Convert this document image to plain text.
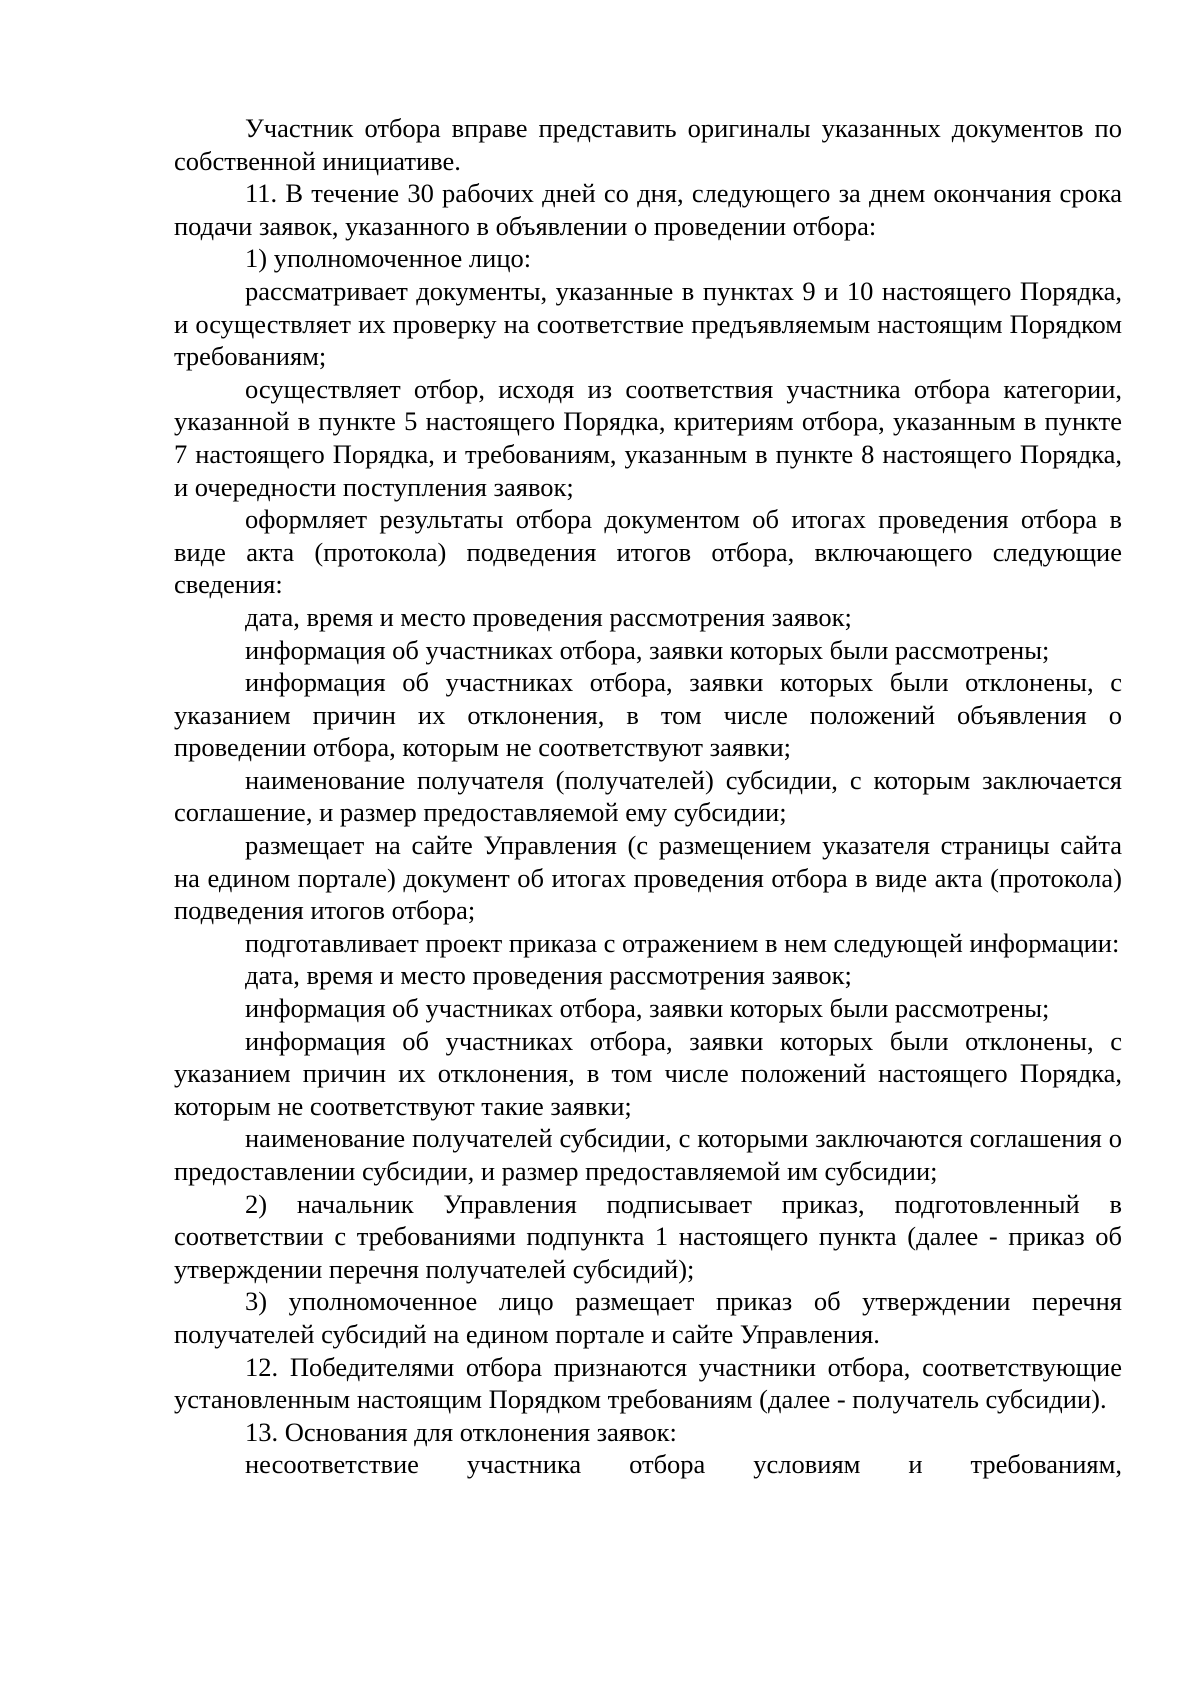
Участник отбора вправе представить оригиналы указанных документов по собственной инициативе.

11. В течение 30 рабочих дней со дня, следующего за днем окончания срока подачи заявок, указанного в объявлении о проведении отбора:

1) уполномоченное лицо:

рассматривает документы, указанные в пунктах 9 и 10 настоящего Порядка, и осуществляет их проверку на соответствие предъявляемым настоящим Порядком требованиям;

осуществляет отбор, исходя из соответствия участника отбора категории, указанной в пункте 5 настоящего Порядка, критериям отбора, указанным в пункте 7 настоящего Порядка, и требованиям, указанным в пункте 8 настоящего Порядка, и очередности поступления заявок;

оформляет результаты отбора документом об итогах проведения отбора в виде акта (протокола) подведения итогов отбора, включающего следующие сведения:

дата, время и место проведения рассмотрения заявок;

информация об участниках отбора, заявки которых были рассмотрены;

информация об участниках отбора, заявки которых были отклонены, с указанием причин их отклонения, в том числе положений объявления о проведении отбора, которым не соответствуют заявки;

наименование получателя (получателей) субсидии, с которым заключается соглашение, и размер предоставляемой ему субсидии;

размещает на сайте Управления (с размещением указателя страницы сайта на едином портале) документ об итогах проведения отбора в виде акта (протокола) подведения итогов отбора;

подготавливает проект приказа с отражением в нем следующей информации:

дата, время и место проведения рассмотрения заявок;

информация об участниках отбора, заявки которых были рассмотрены;

информация об участниках отбора, заявки которых были отклонены, с указанием причин их отклонения, в том числе положений настоящего Порядка, которым не соответствуют такие заявки;

наименование получателей субсидии, с которыми заключаются соглашения о предоставлении субсидии, и размер предоставляемой им субсидии;

2) начальник Управления подписывает приказ, подготовленный в соответствии с требованиями подпункта 1 настоящего пункта (далее - приказ об утверждении перечня получателей субсидий);

3) уполномоченное лицо размещает приказ об утверждении перечня получателей субсидий на едином портале и сайте Управления.

12. Победителями отбора признаются участники отбора, соответствующие установленным настоящим Порядком требованиям (далее - получатель субсидии).

13. Основания для отклонения заявок:

несоответствие участника отбора условиям и требованиям,
